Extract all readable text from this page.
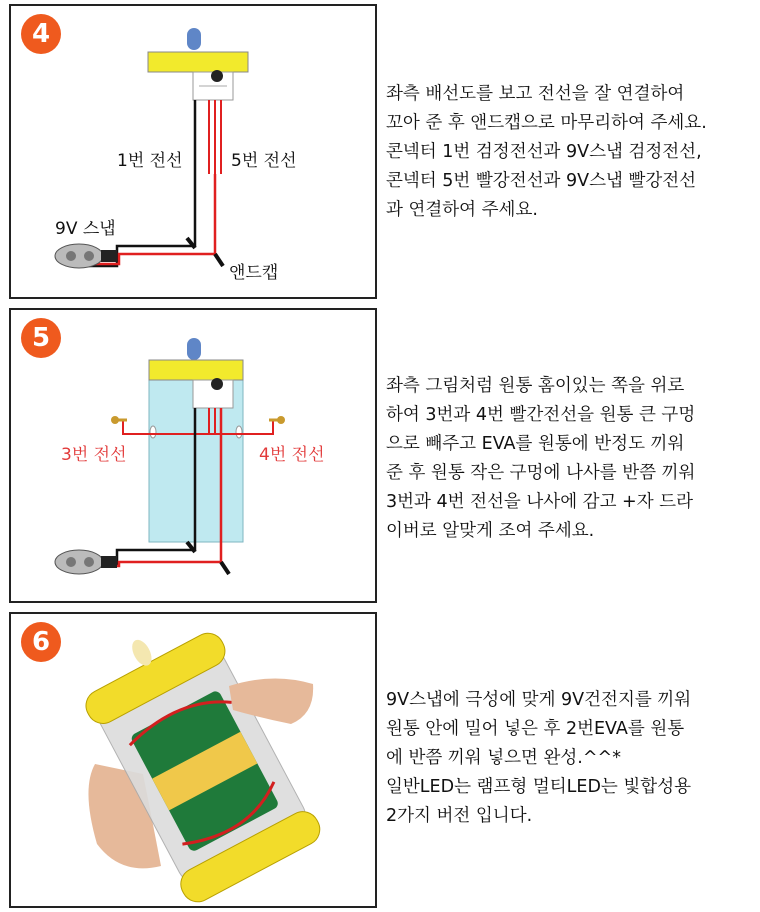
4
1번 전선	5번 전선
9V 스냅
앤드캡
좌측 배선도를 보고 전선을 잘 연결하여
꼬아 준 후 앤드캡으로 마무리하여 주세요.
콘넥터 1번 검정전선과 9V스냅 검정전선,
콘넥터 5번 빨강전선과 9V스냅 빨강전선
과 연결하여 주세요.
5
3번 전선	4번 전선
좌측 그림처럼 원통 홈이있는 쪽을 위로
하여 3번과 4번 빨간전선을 원통 큰 구멍
으로 빼주고 EVA를 원통에 반정도 끼워
준 후 원통 작은 구멍에 나사를 반쯤 끼워
3번과 4번 전선을 나사에 감고 +자 드라
이버로 알맞게 조여 주세요.
6
9V스냅에 극성에 맞게 9V건전지를 끼워
원통 안에 밀어 넣은 후 2번EVA를 원통
에 반쯤 끼워 넣으면 완성.^^*
일반LED는 램프형 멀티LED는 빛합성용
2가지 버전 입니다.
